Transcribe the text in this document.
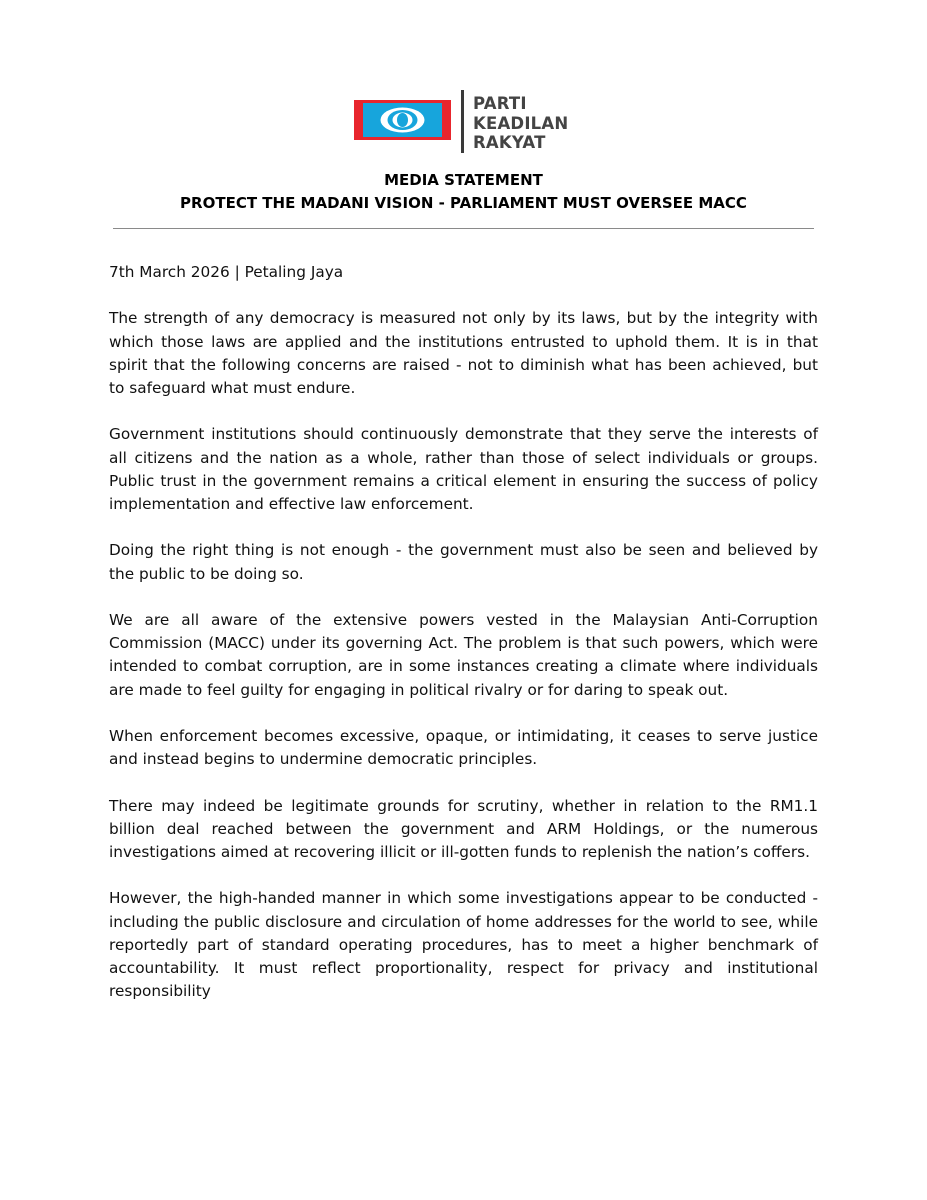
PARTI
KEADILAN
RAKYAT
MEDIA STATEMENT
PROTECT THE MADANI VISION - PARLIAMENT MUST OVERSEE MACC

7th March 2026 | Petaling Jaya

The strength of any democracy is measured not only by its laws, but by the integrity with which those laws are applied and the institutions entrusted to uphold them. It is in that spirit that the following concerns are raised - not to diminish what has been achieved, but to safeguard what must endure.

Government institutions should continuously demonstrate that they serve the interests of all citizens and the nation as a whole, rather than those of select individuals or groups. Public trust in the government remains a critical element in ensuring the success of policy implementation and effective law enforcement.

Doing the right thing is not enough - the government must also be seen and believed by the public to be doing so.

We are all aware of the extensive powers vested in the Malaysian Anti-Corruption Commission (MACC) under its governing Act. The problem is that such powers, which were intended to combat corruption, are in some instances creating a climate where individuals are made to feel guilty for engaging in political rivalry or for daring to speak out.

When enforcement becomes excessive, opaque, or intimidating, it ceases to serve justice and instead begins to undermine democratic principles.

There may indeed be legitimate grounds for scrutiny, whether in relation to the RM1.1 billion deal reached between the government and ARM Holdings, or the numerous investigations aimed at recovering illicit or ill-gotten funds to replenish the nation’s coffers.

However, the high-handed manner in which some investigations appear to be conducted - including the public disclosure and circulation of home addresses for the world to see, while reportedly part of standard operating procedures, has to meet a higher benchmark of accountability. It must reflect proportionality, respect for privacy and institutional responsibility
